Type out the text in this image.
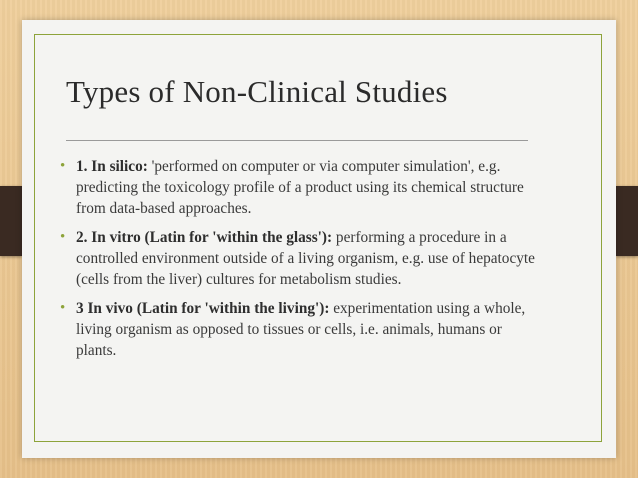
Types of Non-Clinical Studies
• 1. In silico: 'performed on computer or via computer simulation', e.g. predicting the toxicology profile of a product using its chemical structure from data-based approaches.
• 2. In vitro (Latin for 'within the glass'): performing a procedure in a controlled environment outside of a living organism, e.g. use of hepatocyte (cells from the liver) cultures for metabolism studies.
• 3 In vivo (Latin for 'within the living'): experimentation using a whole, living organism as opposed to tissues or cells, i.e. animals, humans or plants.
